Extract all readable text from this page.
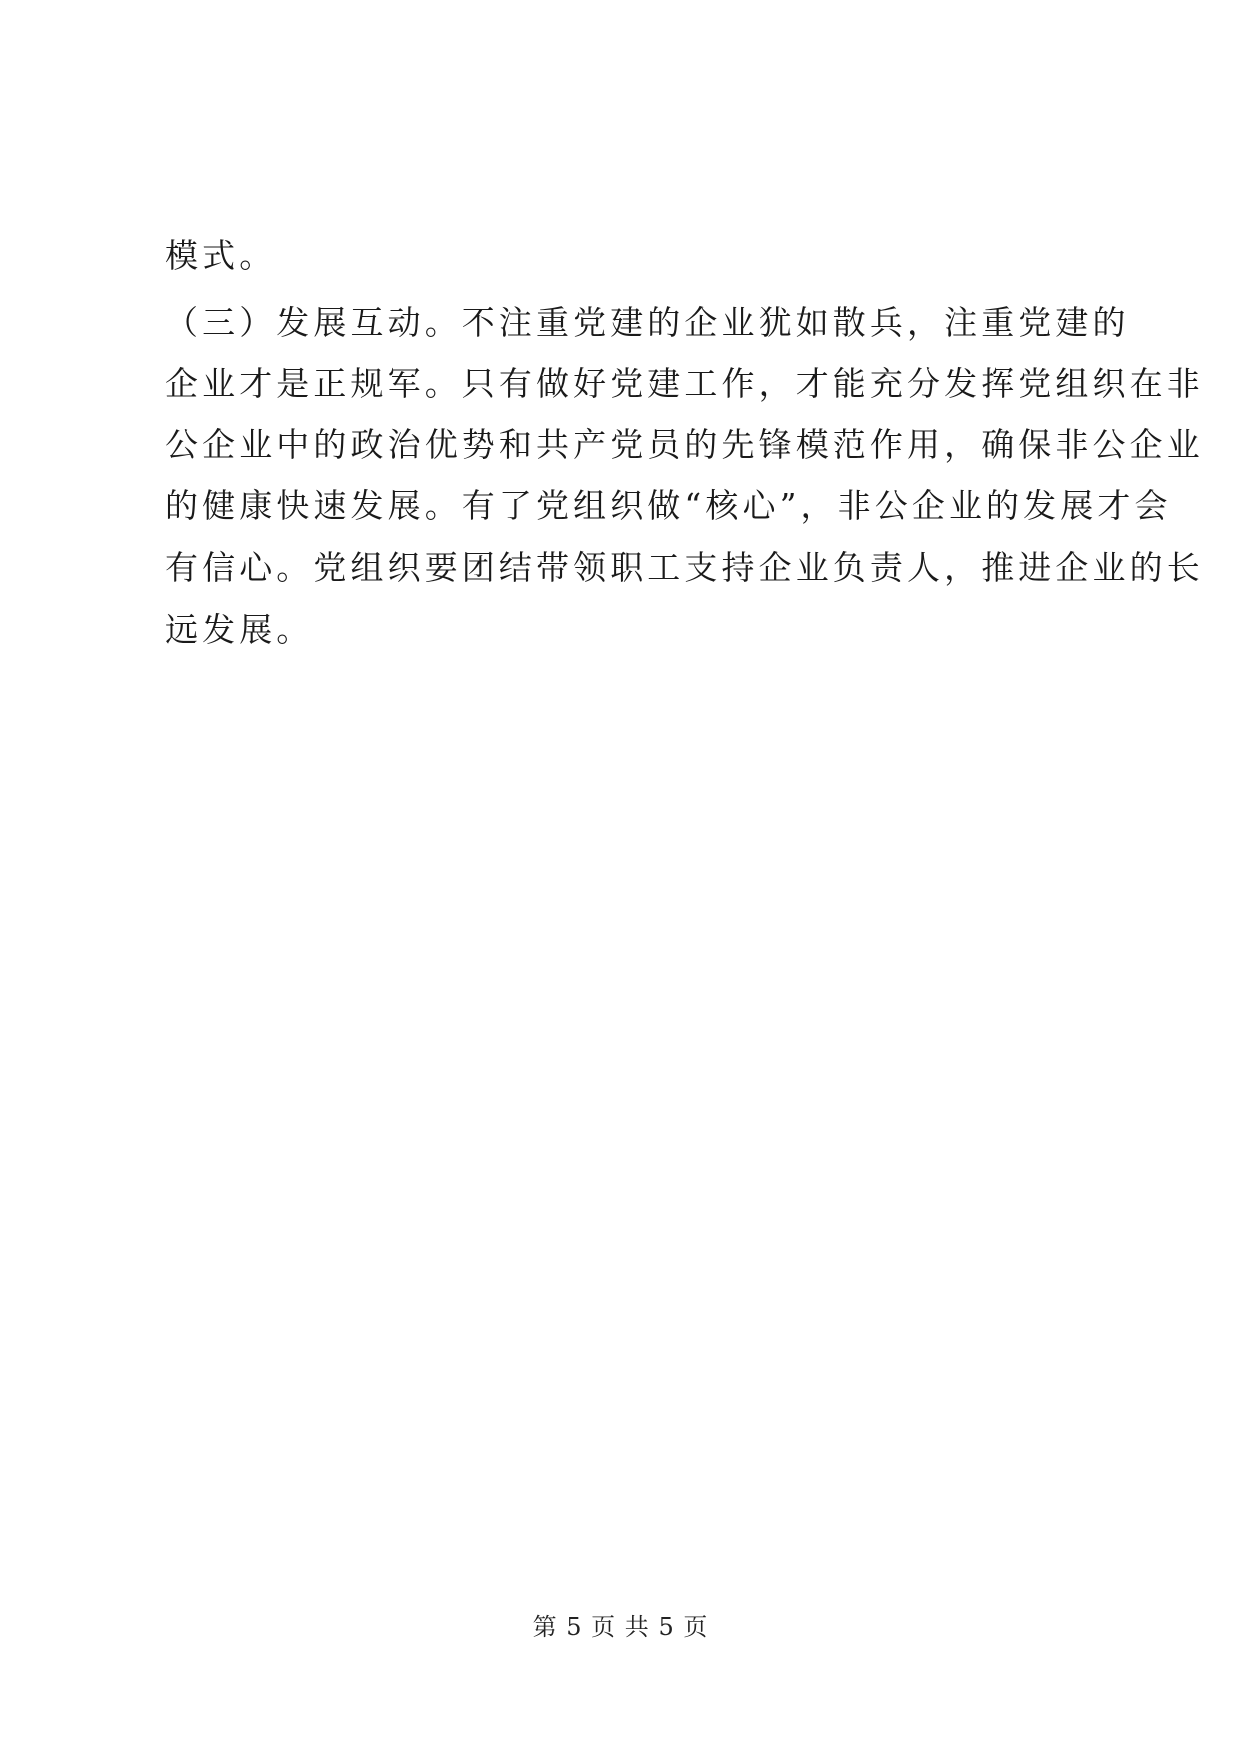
模式。
（三）发展互动。不注重党建的企业犹如散兵，注重党建的
企业才是正规军。只有做好党建工作，才能充分发挥党组织在非
公企业中的政治优势和共产党员的先锋模范作用，确保非公企业
的健康快速发展。有了党组织做“核心”，非公企业的发展才会
有信心。党组织要团结带领职工支持企业负责人，推进企业的长
远发展。
第 5 页 共 5 页
